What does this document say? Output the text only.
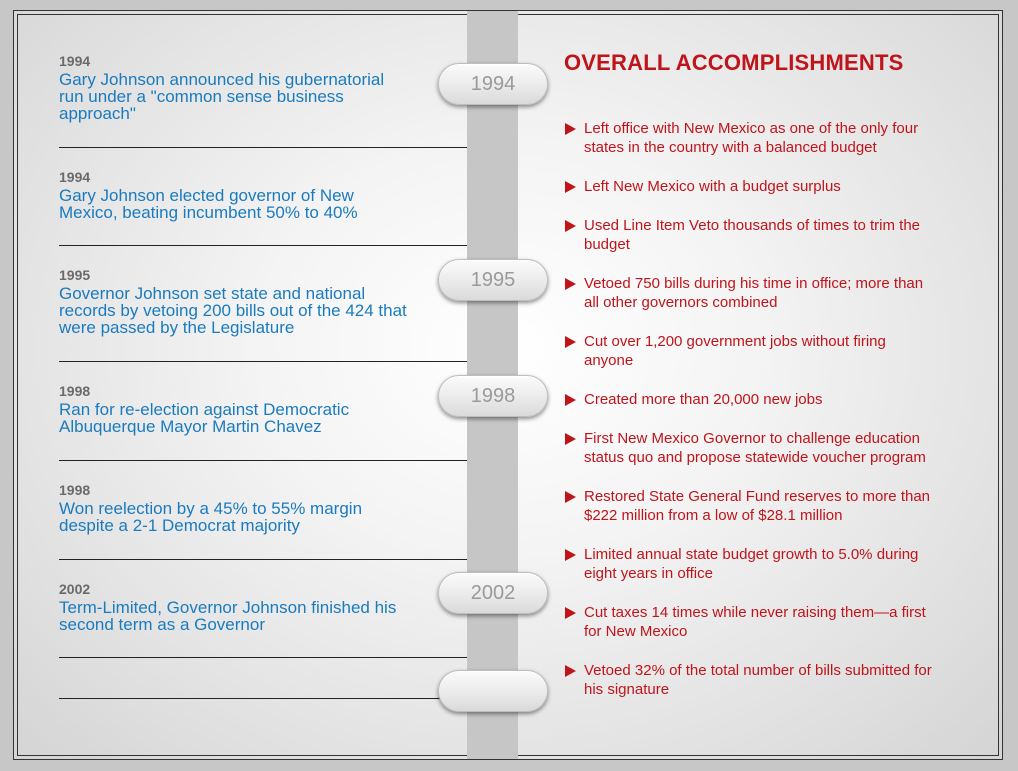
1994
Gary Johnson announced his gubernatorial
run under a "common sense business
approach"
1994
Gary Johnson elected governor of New
Mexico, beating incumbent 50% to 40%
1995
Governor Johnson set state and national
records by vetoing 200 bills out of the 424 that
were passed by the Legislature
1998
Ran for re-election against Democratic
Albuquerque Mayor Martin Chavez
1998
Won reelection by a 45% to 55% margin
despite a 2-1 Democrat majority
2002
Term-Limited, Governor Johnson finished his
second term as a Governor
1994
1995
1998
2002
OVERALL ACCOMPLISHMENTS
Left office with New Mexico as one of the only four
states in the country with a balanced budget
Left New Mexico with a budget surplus
Used Line Item Veto thousands of times to trim the
budget
Vetoed 750 bills during his time in office; more than
all other governors combined
Cut over 1,200 government jobs without firing
anyone
Created more than 20,000 new jobs
First New Mexico Governor to challenge education
status quo and propose statewide voucher program
Restored State General Fund reserves to more than
$222 million from a low of $28.1 million
Limited annual state budget growth to 5.0% during
eight years in office
Cut taxes 14 times while never raising them—a first
for New Mexico
Vetoed 32% of the total number of bills submitted for
his signature
